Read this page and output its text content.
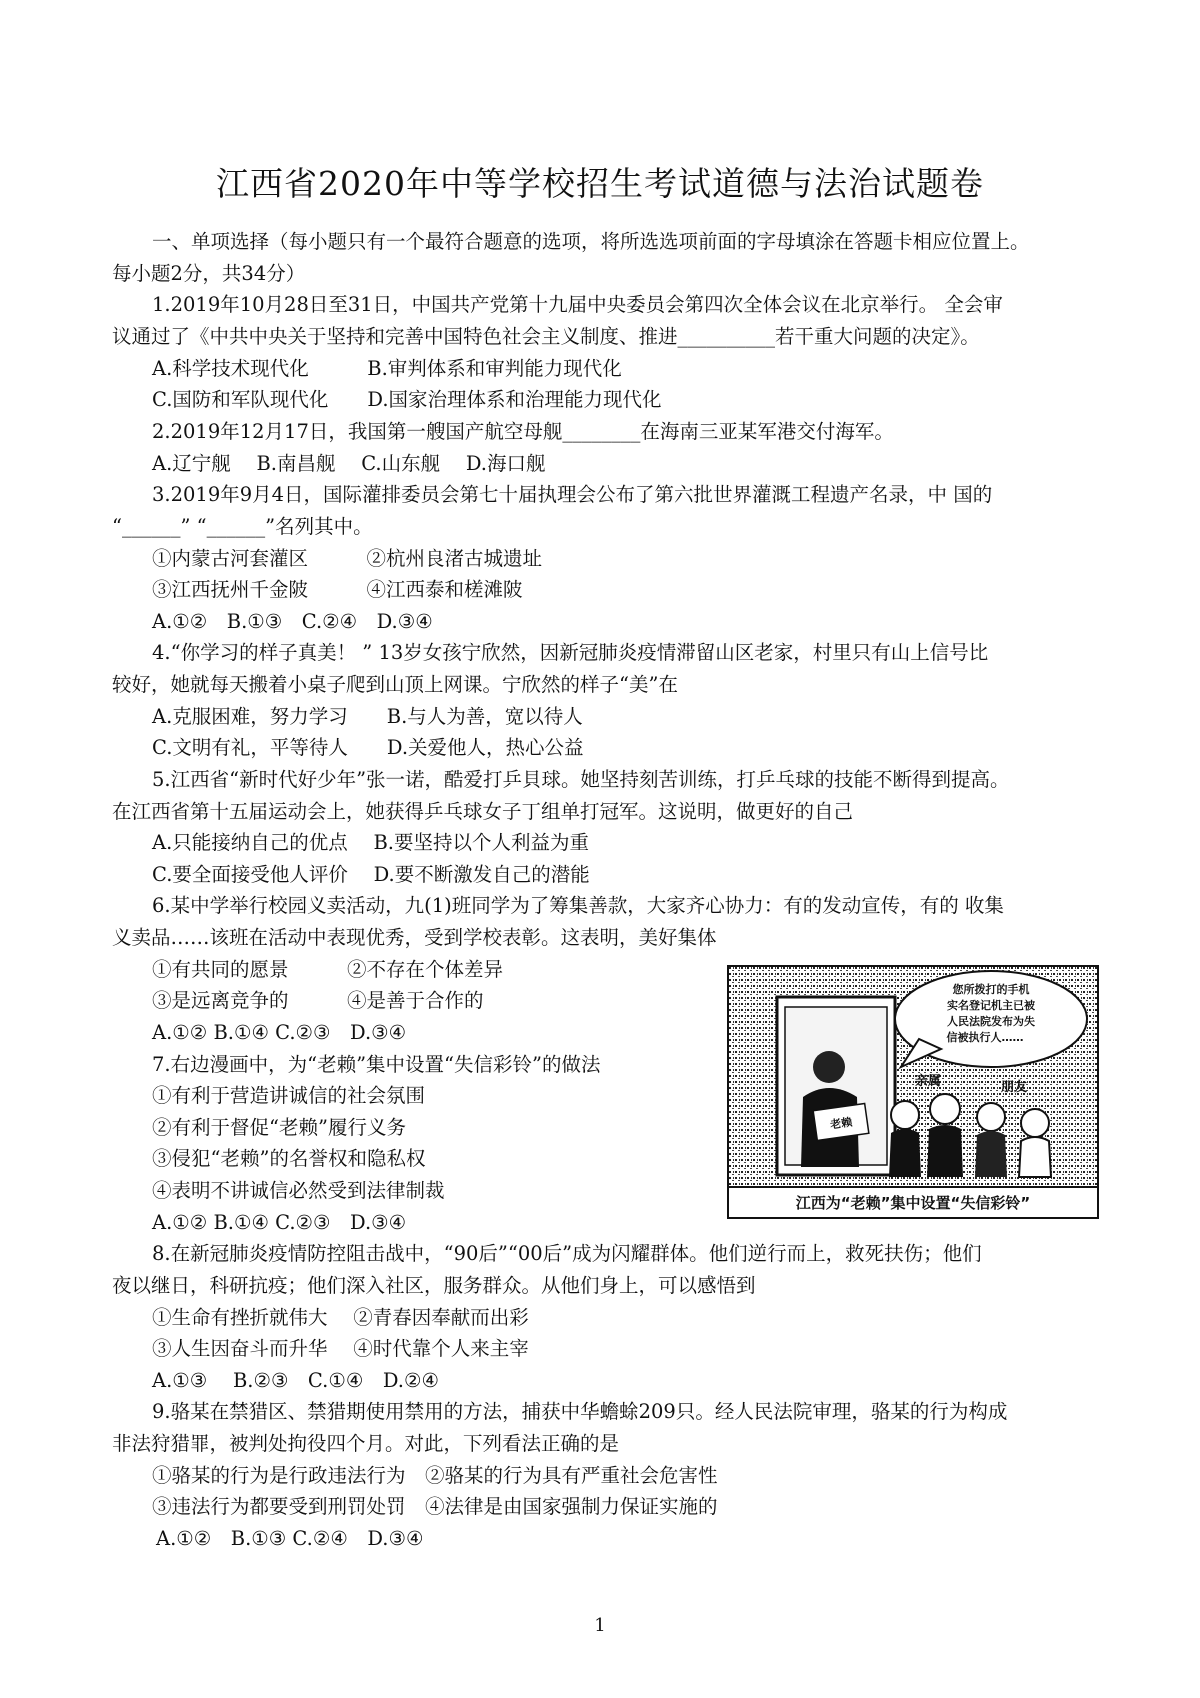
江西省2020年中等学校招生考试道德与法治试题卷
一、单项选择（每小题只有一个最符合题意的选项，将所选选项前面的字母填涂在答题卡相应位置上。
每小题2分，共34分）
1.2019年10月28日至31日，中国共产党第十九届中央委员会第四次全体会议在北京举行。 全会审
议通过了《中共中央关于坚持和完善中国特色社会主义制度、推进__________若干重大问题的决定》。
A.科学技术现代化　　　B.审判体系和审判能力现代化
C.国防和军队现代化　　D.国家治理体系和治理能力现代化
2.2019年12月17日，我国第一艘国产航空母舰________在海南三亚某军港交付海军。
A.辽宁舰　 B.南昌舰　 C.山东舰　 D.海口舰
3.2019年9月4日，国际灌排委员会第七十届执理会公布了第六批世界灌溉工程遗产名录，中 国的
“______” “______”名列其中。
①内蒙古河套灌区　　　②杭州良渚古城遗址
③江西抚州千金陂　　　④江西泰和槎滩陂
A.①②　B.①③　C.②④　D.③④
4.“你学习的样子真美！ ” 13岁女孩宁欣然，因新冠肺炎疫情滞留山区老家，村里只有山上信号比
较好，她就每天搬着小桌子爬到山顶上网课。宁欣然的样子“美”在
A.克服困难，努力学习　　B.与人为善，宽以待人
C.文明有礼，平等待人　　D.关爱他人，热心公益
5.江西省“新时代好少年”张一诺，酷爱打乒貝球。她坚持刻苦训练，打乒乓球的技能不断得到提高。
在江西省第十五届运动会上，她获得乒乓球女子丁组单打冠军。这说明，做更好的自己
A.只能接纳自己的优点　 B.要坚持以个人利益为重
C.要全面接受他人评价　 D.要不断激发自己的潜能
6.某中学举行校园义卖活动，九(1)班同学为了筹集善款，大家齐心协力：有的发动宣传，有的 收集
义卖品……该班在活动中表现优秀，受到学校表彰。这表明，美好集体
①有共同的愿景　　　②不存在个体差异
③是远离竞争的　　　④是善于合作的
A.①② B.①④ C.②③　D.③④
7.右边漫画中，为“老赖”集中设置“失信彩铃”的做法
①有利于营造讲诚信的社会氛围
②有利于督促“老赖”履行义务
③侵犯“老赖”的名誉权和隐私权
④表明不讲诚信必然受到法律制裁
A.①② B.①④ C.②③　D.③④
8.在新冠肺炎疫情防控阻击战中，“90后”“00后”成为闪耀群体。他们逆行而上，救死扶伤；他们
夜以继日，科研抗疫；他们深入社区，服务群众。从他们身上，可以感悟到
①生命有挫折就伟大　 ②青春因奉献而出彩
③人生因奋斗而升华　 ④时代靠个人来主宰
A.①③　 B.②③　C.①④　D.②④
9.骆某在禁猎区、禁猎期使用禁用的方法，捕获中华蟾蜍209只。经人民法院审理，骆某的行为构成
非法狩猎罪，被判处拘役四个月。对此，下列看法正确的是
①骆某的行为是行政违法行为　②骆某的行为具有严重社会危害性
③违法行为都要受到刑罚处罚　④法律是由国家强制力保证实施的
A.①②　B.①③ C.②④　D.③④
您所拨打的手机
实名登记机主已被
人民法院发布为失
信被执行人……
老赖
亲属	朋友
江西为“老赖”集中设置“失信彩铃”
1
